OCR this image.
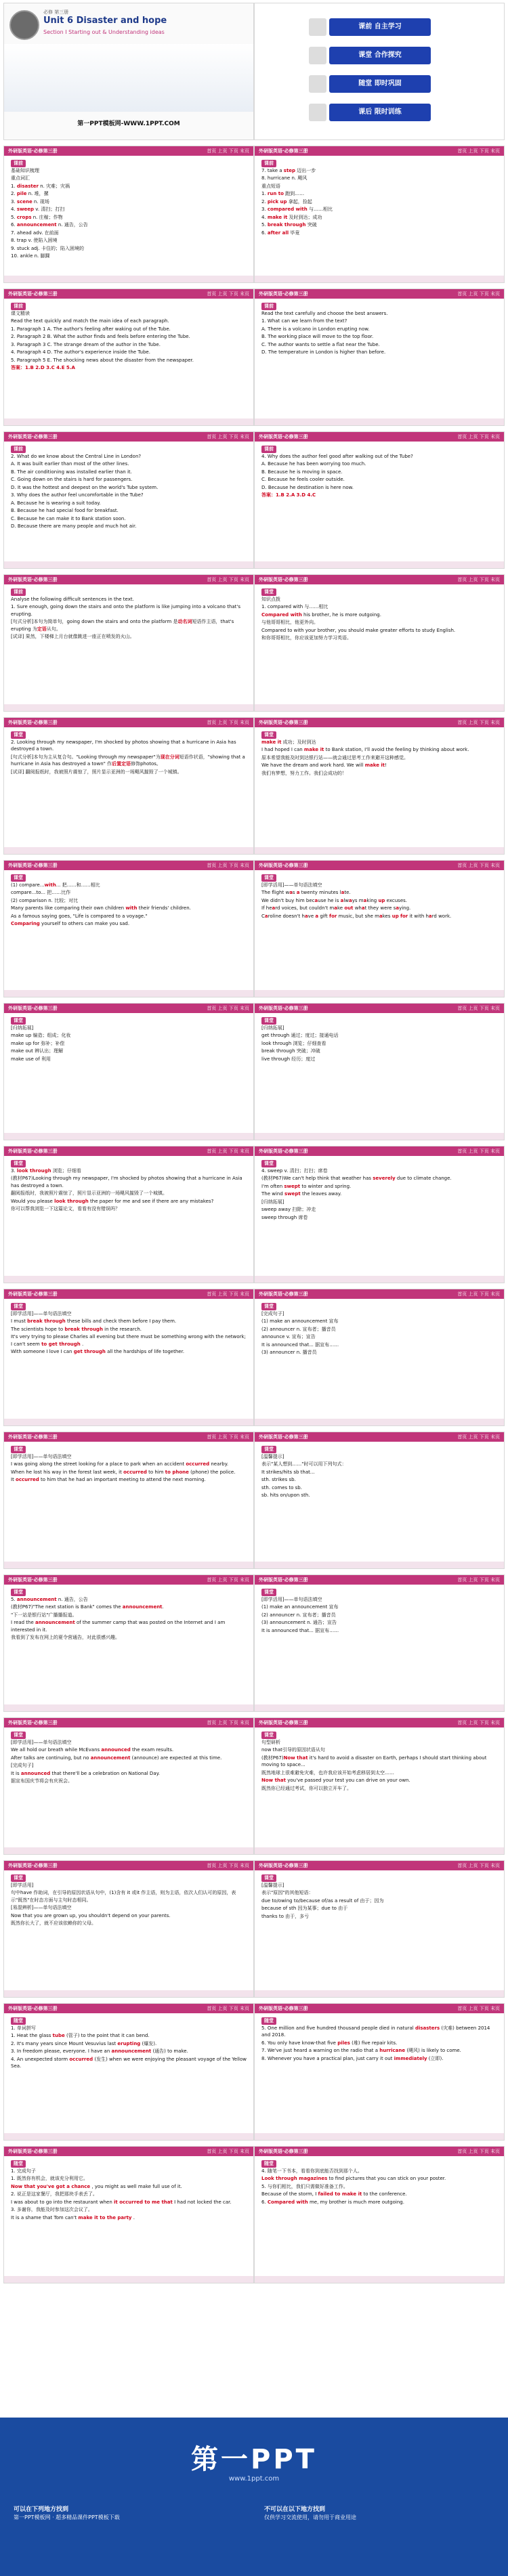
必修 第三册
Unit 6 Disaster and hope
Section Ⅰ Starting out & Understanding ideas
第一PPT模板网-WWW.1PPT.COM
课前 自主学习
课堂 合作探究
随堂 即时巩固
课后 限时训练
外研版英语·必修第三册	首页 上页 下页 末页
课前

基础知识梳理

重点词汇

1. disaster n. 灾难；灾祸

2. pile n. 堆，摞

3. scene n. 现场

4. sweep v. 清扫；打扫

5. crops n. 庄稼；作物

6. announcement n. 通告，公告

7. ahead adv. 在前面

8. trap v. 使陷入困境

9. stuck adj. 卡住的；陷入困境的

10. ankle n. 脚踝

外研版英语·必修第三册	首页 上页 下页 末页
课前

7. take a step 迈出一步

8. hurricane n. 飓风

重点短语

1. run to 跑到……

2. pick up 拿起，捡起

3. compared with 与……相比

4. make it 及时到达；成功

5. break through 突破

6. after all 毕竟

外研版英语·必修第三册	首页 上页 下页 末页
课前

课文精读

Read the text quickly and match the main idea of each paragraph.

1. Paragraph 1 A. The author's feeling after waking out of the Tube.

2. Paragraph 2 B. What the author finds and feels before entering the Tube.

3. Paragraph 3 C. The strange dream of the author in the Tube.

4. Paragraph 4 D. The author's experience inside the Tube.

5. Paragraph 5 E. The shocking news about the disaster from the newspaper.

答案：1.B 2.D 3.C 4.E 5.A

外研版英语·必修第三册	首页 上页 下页 末页
课前

Read the text carefully and choose the best answers.

1. What can we learn from the text?

A. There is a volcano in London erupting now.

B. The working place will move to the top floor.

C. The author wants to settle a flat near the Tube.

D. The temperature in London is higher than before.

外研版英语·必修第三册	首页 上页 下页 末页
课前

2. What do we know about the Central Line in London?

A. It was built earlier than most of the other lines.

B. The air conditioning was installed earlier than it.

C. Going down on the stairs is hard for passengers.

D. It was the hottest and deepest on the world's Tube system.

3. Why does the author feel uncomfortable in the Tube?

A. Because he is wearing a suit today.

B. Because he had special food for breakfast.

C. Because he can make it to Bank station soon.

D. Because there are many people and much hot air.

外研版英语·必修第三册	首页 上页 下页 末页
课前

4. Why does the author feel good after walking out of the Tube?

A. Because he has been worrying too much.

B. Because he is moving in space.

C. Because he feels cooler outside.

D. Because he destination is here now.

答案：1.B 2.A 3.D 4.C

外研版英语·必修第三册	首页 上页 下页 末页
课前

Analyse the following difficult sentences in the text.

1. Sure enough, going down the stairs and onto the platform is like jumping into a volcano that's erupting.

[句式分析]本句为简单句，going down the stairs and onto the platform 是动名词短语作主语，that's erupting 为定语从句。

[试译] 果然，下楼梯上月台就像跳进一座正在喷发的火山。

外研版英语·必修第三册	首页 上页 下页 末页
课堂

知识点拨

1. compared with 与……相比

Compared with his brother, he is more outgoing.

与他哥哥相比，他更外向。

Compared to with your brother, you should make greater efforts to study English.

和你哥哥相比，你应该更加努力学习英语。

外研版英语·必修第三册	首页 上页 下页 末页
课堂

2. Looking through my newspaper, I'm shocked by photos showing that a hurricane in Asia has destroyed a town.

[句式分析]本句为主从复合句。"Looking through my newspaper"为现在分词短语作状语，"showing that a hurricane in Asia has destroyed a town" 作后置定语修饰photos。

[试译] 翻阅报纸时，我被照片震惊了，照片显示亚洲的一场飓风摧毁了一个城镇。

外研版英语·必修第三册	首页 上页 下页 末页
课堂

make it 成功；及时到达

I had hoped I can make it to Bank station, I'll avoid the feeling by thinking about work.

原本希望我能及时到达银行站——就会通过思考工作来避开这种感觉。

We have the dream and work hard. We will make it!

我们有梦想，努力工作。我们会成功的！

外研版英语·必修第三册	首页 上页 下页 末页
课堂

(1) compare...with... 把……和……相比

compare...to... 把……比作

(2) comparison n. 比较；对比

Many parents like comparing their own children with their friends' children.

As a famous saying goes, "Life is compared to a voyage."

Comparing yourself to others can make you sad.

外研版英语·必修第三册	首页 上页 下页 末页
课堂

[即学活用]——单句语法填空

The flight was a twenty minutes late.

We didn't buy him because he is always making up excuses.

If heard voices, but couldn't make out what they were saying.

Caroline doesn't have a gift for music, but she makes up for it with hard work.

外研版英语·必修第三册	首页 上页 下页 末页
课堂

[归纳拓展]

make up 编造；组成；化妆

make up for 弥补；补偿

make out 辨认出；理解

make use of 利用

外研版英语·必修第三册	首页 上页 下页 末页
课堂

[归纳拓展]

get through 通过；度过；接通电话

look through 浏览；仔细查看

break through 突破；冲破

live through 经历；度过

外研版英语·必修第三册	首页 上页 下页 末页
课堂

3. look through 浏览；仔细看

(教材P67)Looking through my newspaper, I'm shocked by photos showing that a hurricane in Asia has destroyed a town.

翻阅报纸时，我被照片震惊了，照片显示亚洲的一场飓风摧毁了一个城镇。

Would you please look through the paper for me and see if there are any mistakes?

你可以帮我浏览一下这篇论文，看看有没有错误吗？

外研版英语·必修第三册	首页 上页 下页 末页
课堂

4. sweep v. 清扫；打扫；席卷

(教材P67)We can't help think that weather has severely due to climate change.

I'm often swept to winter and spring.

The wind swept the leaves away.

[归纳拓展]

sweep away 扫除；冲走

sweep through 席卷

外研版英语·必修第三册	首页 上页 下页 末页
课堂

[即学活用]——单句语法填空

I must break through these bills and check them before I pay them.

The scientists hope to break through in the research.

It's very trying to please Charles all evening but there must be something wrong with the network; I can't seem to get through .

With someone I love I can get through all the hardships of life together.

外研版英语·必修第三册	首页 上页 下页 末页
课堂

[完成句子]

(1) make an announcement 宣布

(2) announcer n. 宣布者；播音员

announce v. 宣布；宣告

It is announced that... 据宣布……

(3) announcer n. 播音员

外研版英语·必修第三册	首页 上页 下页 末页
课堂

[即学活用]——单句语法填空

I was going along the street looking for a place to park when an accident occurred nearby.

When he lost his way in the forest last week, it occurred to him to phone (phone) the police.

It occurred to him that he had an important meeting to attend the next morning.

外研版英语·必修第三册	首页 上页 下页 末页
课堂

[温馨提示]

表示"某人想到……"时可以用下列句式：

It strikes/hits sb that...

sth. strikes sb.

sth. comes to sb.

sb. hits on/upon sth.

外研版英语·必修第三册	首页 上页 下页 末页
课堂

5. announcement n. 通告，公告

(教材P67)"The next station is Bank" comes the announcement.

"下一站是银行站"广播播报道。

I read the announcement of the summer camp that was posted on the Internet and I am interested in it.

我看到了发布在网上的夏令营通告，对此很感兴趣。

外研版英语·必修第三册	首页 上页 下页 末页
课堂

[即学活用]——单句语法填空

(1) make an announcement 宣布

(2) announcer n. 宣布者；播音员

(3) announcement n. 通告；宣告

It is announced that... 据宣布……

外研版英语·必修第三册	首页 上页 下页 末页
课堂

[即学活用]——单句语法填空

We all hold our breath while McEvans announced the exam results.

After talks are continuing, but no announcement (announce) are expected at this time.

[完成句子]

It is announced that there'll be a celebration on National Day.

据宣布国庆节将会有庆祝会。

外研版英语·必修第三册	首页 上页 下页 末页
课堂

句型研析

now that引导的原因状语从句

(教材P67)Now that it's hard to avoid a disaster on Earth, perhaps I should start thinking about moving to space...

既然地球上很难避免灾难，也许我应该开始考虑移居到太空……

Now that you've passed your test you can drive on your own.

既然你已经通过考试，你可以独立开车了。

外研版英语·必修第三册	首页 上页 下页 末页
课堂

[即学活用]

句中have 作助词，在引导的原因状语从句中，(1)含有 it 或it 作主语，则为主语，依次人们认可的原因，表示"既然"在时态方面与主句时态相同。

[易混辨析]——单句语法填空

Now that you are grown up, you shouldn't depend on your parents.

既然你长大了，就不应该依赖你的父母。

外研版英语·必修第三册	首页 上页 下页 末页
课堂

[温馨提示]

表示"原因"的其他短语：

due to/owing to/because of/as a result of 由于；因为

because of sth 因为某事；due to 由于

thanks to 由于，多亏

外研版英语·必修第三册	首页 上页 下页 末页
随堂

1. 单词拼写

1. Heat the glass tube (管子) to the point that it can bend.

2. It's many years since Mount Vesuvius last erupting (爆发).

3. In freedom please, everyone. I have an announcement (通告) to make.

4. An unexpected storm occurred (发生) when we were enjoying the pleasant voyage of the Yellow Sea.

外研版英语·必修第三册	首页 上页 下页 末页
随堂

5. One million and five hundred thousand people died in natural disasters (灾难) between 2014 and 2018.

6. You only have know-that five piles (堆) five repair kits.

7. We've just heard a warning on the radio that a hurricane (飓风) is likely to come.

8. Whenever you have a practical plan, just carry it out immediately (立即).

外研版英语·必修第三册	首页 上页 下页 末页
随堂

1. 完成句子

1. 既然你有机会，就该充分利用它。

Now that you've got a chance , you might as well make full use of it.

2. 说正是这家餐厅，我把那块手表丢了。

I was about to go into the restaurant when it occurred to me that I had not locked the car.

3. 多谢你，我能及时参加这次会议了。

It is a shame that Tom can't make it to the party .

外研版英语·必修第三册	首页 上页 下页 末页
随堂

4. 随笔一下书本，看看你到底能否找到那个人。

Look through magazines to find pictures that you can stick on your poster.

5. 与你们相比，我们只需做好准备工作。

Because of the storm, I failed to make it to the conference.

6. Compared with me, my brother is much more outgoing.

第一PPT
www.1ppt.com
可以在下列地方找到
第一PPT模板网 · 超多精品课件PPT模板下载
不可以在以下地方找到
仅供学习交流使用，请勿用于商业用途
